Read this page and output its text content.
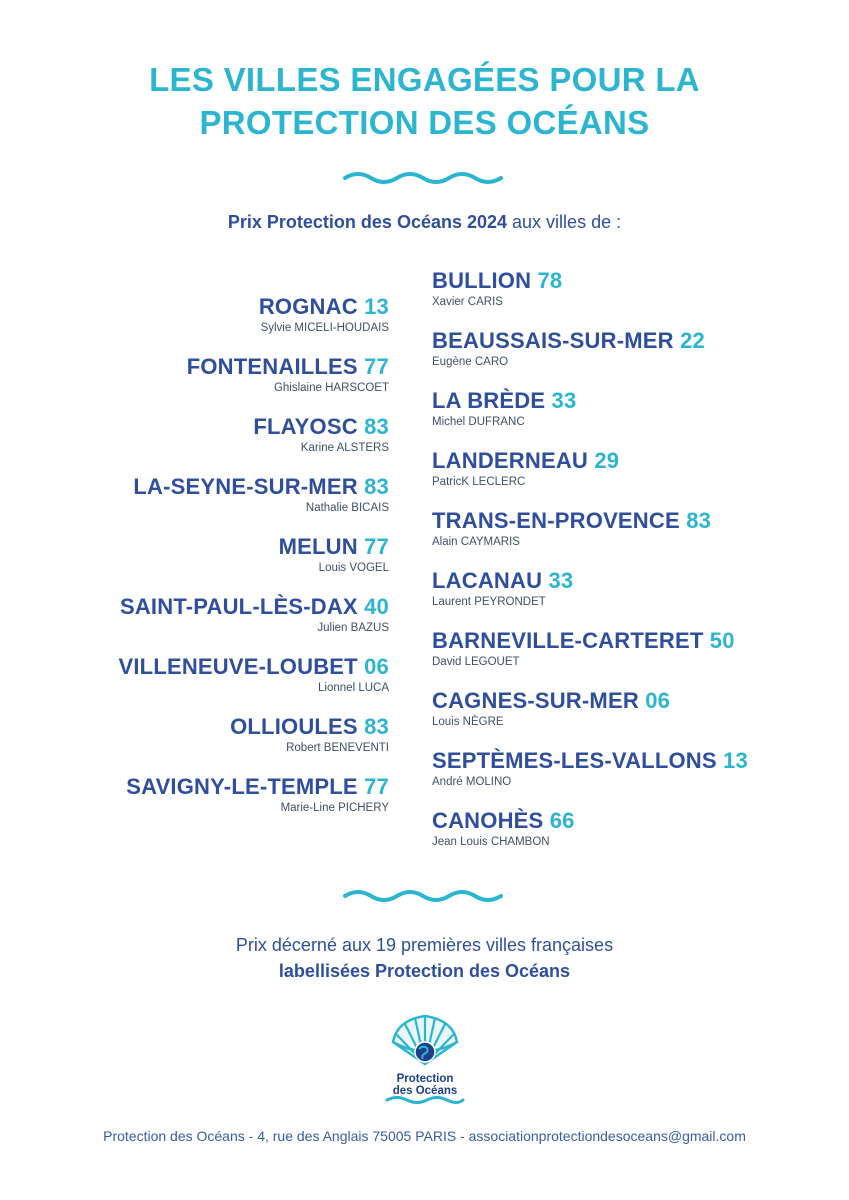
LES VILLES ENGAGÉES POUR LA
PROTECTION DES OCÉANS
Prix Protection des Océans 2024 aux villes de :
ROGNAC 13
Sylvie MICELI-HOUDAIS
FONTENAILLES 77
Ghislaine HARSCOET
FLAYOSC 83
Karine ALSTERS
LA-SEYNE-SUR-MER 83
Nathalie BICAIS
MELUN 77
Louis VOGEL
SAINT-PAUL-LÈS-DAX 40
Julien BAZUS
VILLENEUVE-LOUBET 06
Lionnel LUCA
OLLIOULES 83
Robert BENEVENTI
SAVIGNY-LE-TEMPLE 77
Marie-Line PICHERY
BULLION 78
Xavier CARIS
BEAUSSAIS-SUR-MER 22
Eugène CARO
LA BRÈDE 33
Michel DUFRANC
LANDERNEAU 29
PatricK LECLERC
TRANS-EN-PROVENCE 83
Alain CAYMARIS
LACANAU 33
Laurent PEYRONDET
BARNEVILLE-CARTERET 50
David LEGOUET
CAGNES-SUR-MER 06
Louis NÈGRE
SEPTÈMES-LES-VALLONS 13
André MOLINO
CANOHÈS 66
Jean Louis CHAMBON
Prix décerné aux 19 premières villes françaises
labellisées Protection des Océans
Protection
des Océans
Protection des Océans - 4, rue des Anglais 75005 PARIS - associationprotectiondesoceans@gmail.com
